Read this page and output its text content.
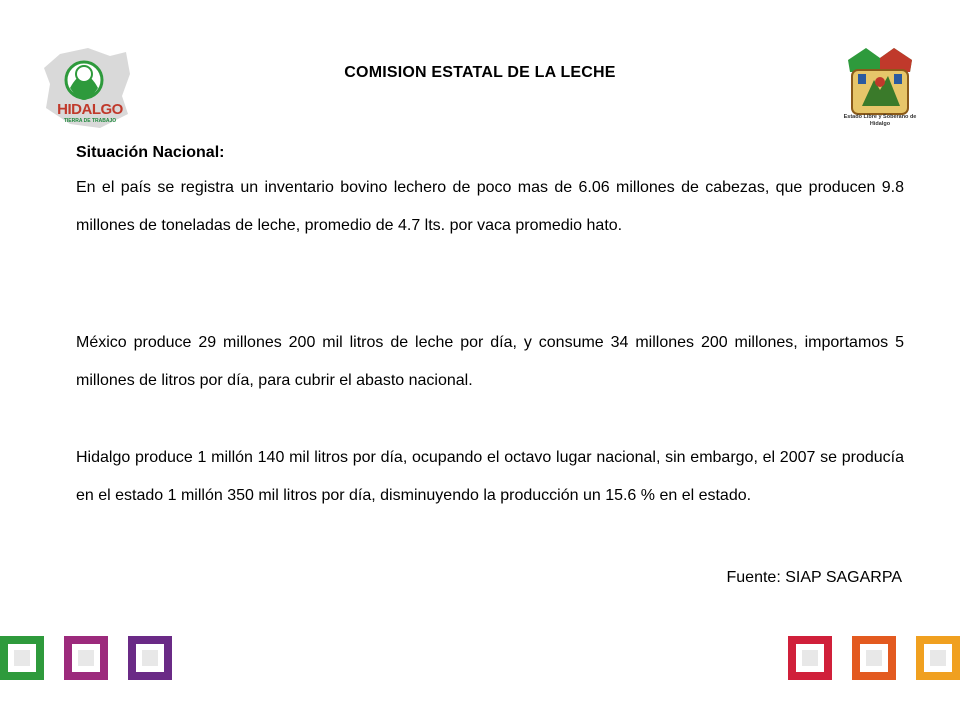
HIDALGO
TIERRA DE TRABAJO
COMISION ESTATAL DE LA LECHE
Estado Libre y Soberano de Hidalgo
Situación Nacional:
En el país se registra un inventario bovino lechero de poco mas de 6.06 millones de cabezas, que producen 9.8 millones de toneladas de leche, promedio de 4.7 lts. por vaca promedio hato.
México produce 29 millones 200 mil litros de leche por día, y consume 34 millones 200 millones, importamos 5 millones de litros por día, para cubrir el abasto nacional.
Hidalgo produce 1 millón 140 mil litros por día, ocupando el octavo lugar nacional, sin embargo, el 2007 se producía en el estado 1 millón 350 mil litros por día, disminuyendo la producción un 15.6 % en el estado.
Fuente: SIAP SAGARPA
